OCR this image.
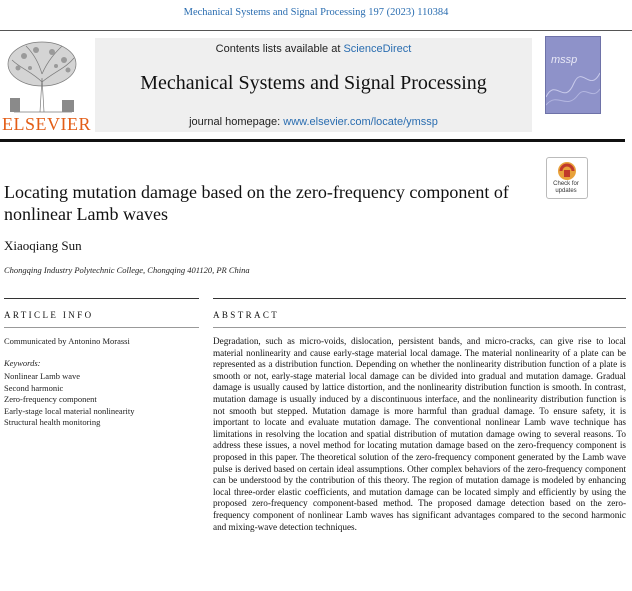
Mechanical Systems and Signal Processing 197 (2023) 110384
ELSEVIER
Contents lists available at ScienceDirect
Mechanical Systems and Signal Processing
journal homepage: www.elsevier.com/locate/ymssp
mssp
Check for updates
Locating mutation damage based on the zero-frequency component of nonlinear Lamb waves
Xiaoqiang Sun
Chongqing Industry Polytechnic College, Chongqing 401120, PR China
ARTICLE INFO	ABSTRACT
Communicated by Antonino Morassi
Keywords:
Nonlinear Lamb wave
Second harmonic
Zero-frequency component
Early-stage local material nonlinearity
Structural health monitoring

Degradation, such as micro-voids, dislocation, persistent bands, and micro-cracks, can give rise to local material nonlinearity and cause early-stage material local damage. The material nonlinearity of a plate can be represented as a distribution function. Depending on whether the nonlinearity distribution function of a plate is smooth or not, early-stage material local damage can be divided into gradual and mutation damage. Gradual damage is usually caused by lattice distortion, and the nonlinearity distribution function is smooth. In contrast, mutation damage is usually induced by a discontinuous interface, and the nonlinearity distribution function is not smooth but stepped. Mutation damage is more harmful than gradual damage. To ensure safety, it is important to locate and evaluate mutation damage. The conventional nonlinear Lamb wave technique has limitations in resolving the location and spatial distribution of mutation damage owing to several reasons. To address these issues, a novel method for locating mutation damage based on the zero-frequency component is proposed in this paper. The theoretical solution of the zero-frequency component generated by the Lamb wave pulse is derived based on certain ideal assumptions. Other complex behaviors of the zero-frequency component can be understood by the contribution of this theory. The region of mutation damage is modeled by enhancing local three-order elastic coefficients, and mutation damage can be located simply and efficiently by using the proposed zero-frequency component-based method. The proposed damage detection based on the zero-frequency component of nonlinear Lamb waves has significant advantages compared to the second harmonic and mixing-wave detection techniques.
